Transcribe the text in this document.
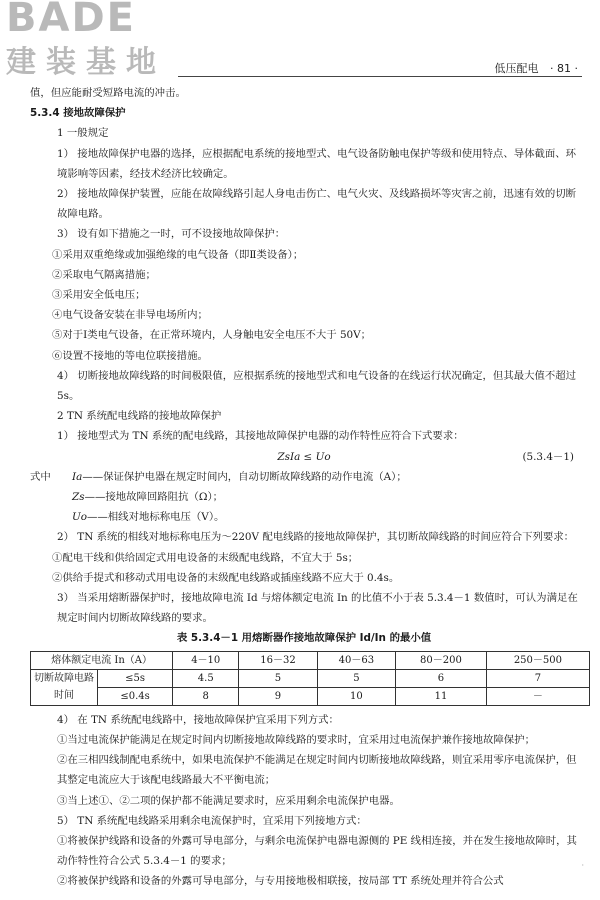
BADE

建装基地	低压配电 · 81 ·

值，但应能耐受短路电流的冲击。

5.3.4 接地故障保护

1 一般规定

1） 接地故障保护电器的选择，应根据配电系统的接地型式、电气设备防触电保护等级和使用特点、导体截面、环境影响等因素，经技术经济比较确定。

2） 接地故障保护装置，应能在故障线路引起人身电击伤亡、电气火灾、及线路损坏等灾害之前，迅速有效的切断故障电路。

3） 设有如下措施之一时，可不设接地故障保护：

①采用双重绝缘或加强绝缘的电气设备（即Ⅱ类设备）；

②采取电气隔离措施；

③采用安全低电压；

④电气设备安装在非导电场所内；

⑤对于Ⅰ类电气设备，在正常环境内，人身触电安全电压不大于 50V；

⑥设置不接地的等电位联接措施。

4） 切断接地故障线路的时间极限值，应根据系统的接地型式和电气设备的在线运行状况确定，但其最大值不超过 5s。

2 TN 系统配电线路的接地故障保护

1） 接地型式为 TN 系统的配电线路，其接地故障保护电器的动作特性应符合下式要求：

ZsIa ≤ Uo	(5.3.4－1)

式中 Ia——保证保护电器在规定时间内，自动切断故障线路的动作电流（A）；

Zs——接地故障回路阻抗（Ω）；

Uo——相线对地标称电压（V）。

2） TN 系统的相线对地标称电压为～220V 配电线路的接地故障保护，其切断故障线路的时间应符合下列要求：

①配电干线和供给固定式用电设备的末级配电线路，不宜大于 5s；

②供给手提式和移动式用电设备的末级配电线路或插座线路不应大于 0.4s。

3） 当采用熔断器保护时，接地故障电流 Id 与熔体额定电流 In 的比值不小于表 5.3.4－1 数值时，可认为满足在规定时间内切断故障线路的要求。

表 5.3.4－1 用熔断器作接地故障保护 Id/In 的最小值

熔体额定电流 In（A）		4－10	16－32	40－63	80－200	250－500
切断故障电路时间	≤5s	4.5	5	5	6	7
	≤0.4s	8	9	10	11	－

4） 在 TN 系统配电线路中，接地故障保护宜采用下列方式：

①当过电流保护能满足在规定时间内切断接地故障线路的要求时，宜采用过电流保护兼作接地故障保护；

②在三相四线制配电系统中，如果电流保护不能满足在规定时间内切断接地故障线路，则宜采用零序电流保护，但其整定电流应大于该配电线路最大不平衡电流；

③当上述①、②二项的保护都不能满足要求时，应采用剩余电流保护电器。

5） TN 系统配电线路采用剩余电流保护时，宜采用下列接地方式：

①将被保护线路和设备的外露可导电部分，与剩余电流保护电器电源侧的 PE 线相连接，并在发生接地故障时，其动作特性符合公式 5.3.4－1 的要求；

②将被保护线路和设备的外露可导电部分，与专用接地极相联接，按局部 TT 系统处理并符合公式

·
